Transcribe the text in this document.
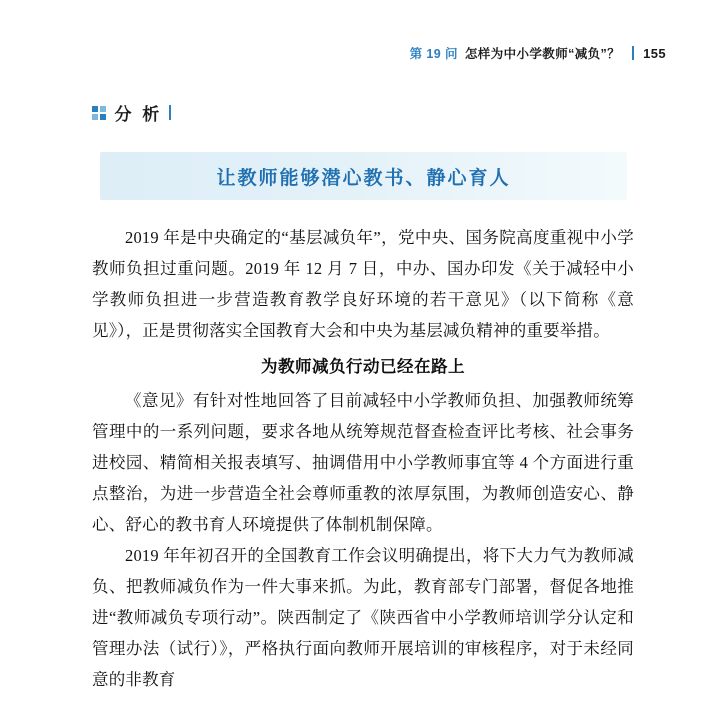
第 19 问 怎样为中小学教师“减负”？ 155
分 析
让教师能够潜心教书、静心育人

2019 年是中央确定的“基层减负年”，党中央、国务院高度重视中小学教师负担过重问题。2019 年 12 月 7 日，中办、国办印发《关于减轻中小学教师负担进一步营造教育教学良好环境的若干意见》（以下简称《意见》），正是贯彻落实全国教育大会和中央为基层减负精神的重要举措。

为教师减负行动已经在路上

《意见》有针对性地回答了目前减轻中小学教师负担、加强教师统筹管理中的一系列问题，要求各地从统筹规范督查检查评比考核、社会事务进校园、精简相关报表填写、抽调借用中小学教师事宜等 4 个方面进行重点整治，为进一步营造全社会尊师重教的浓厚氛围，为教师创造安心、静心、舒心的教书育人环境提供了体制机制保障。

2019 年年初召开的全国教育工作会议明确提出，将下大力气为教师减负、把教师减负作为一件大事来抓。为此，教育部专门部署，督促各地推进“教师减负专项行动”。陕西制定了《陕西省中小学教师培训学分认定和管理办法（试行）》，严格执行面向教师开展培训的审核程序，对于未经同意的非教育
